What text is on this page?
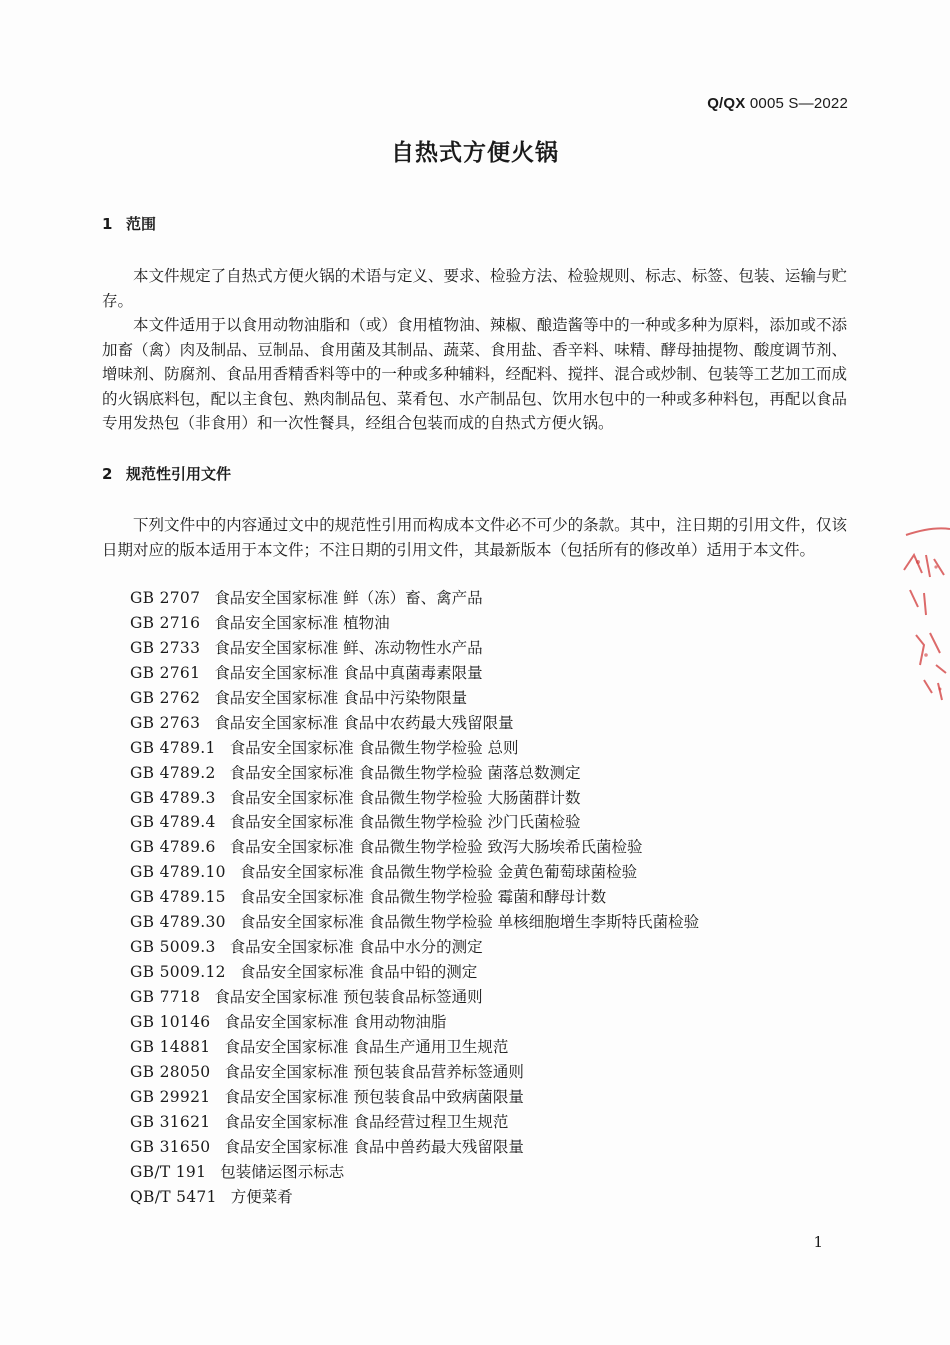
Q/QX 0005 S—2022
自热式方便火锅
1 范围

本文件规定了自热式方便火锅的术语与定义、要求、检验方法、检验规则、标志、标签、包装、运输与贮存。

本文件适用于以食用动物油脂和（或）食用植物油、辣椒、酿造酱等中的一种或多种为原料，添加或不添加畜（禽）肉及制品、豆制品、食用菌及其制品、蔬菜、食用盐、香辛料、味精、酵母抽提物、酸度调节剂、增味剂、防腐剂、食品用香精香料等中的一种或多种辅料，经配料、搅拌、混合或炒制、包装等工艺加工而成的火锅底料包，配以主食包、熟肉制品包、菜肴包、水产制品包、饮用水包中的一种或多种料包，再配以食品专用发热包（非食用）和一次性餐具，经组合包装而成的自热式方便火锅。

2 规范性引用文件

下列文件中的内容通过文中的规范性引用而构成本文件必不可少的条款。其中，注日期的引用文件，仅该日期对应的版本适用于本文件；不注日期的引用文件，其最新版本（包括所有的修改单）适用于本文件。

GB 2707 食品安全国家标准 鲜（冻）畜、禽产品
GB 2716 食品安全国家标准 植物油
GB 2733 食品安全国家标准 鲜、冻动物性水产品
GB 2761 食品安全国家标准 食品中真菌毒素限量
GB 2762 食品安全国家标准 食品中污染物限量
GB 2763 食品安全国家标准 食品中农药最大残留限量
GB 4789.1 食品安全国家标准 食品微生物学检验 总则
GB 4789.2 食品安全国家标准 食品微生物学检验 菌落总数测定
GB 4789.3 食品安全国家标准 食品微生物学检验 大肠菌群计数
GB 4789.4 食品安全国家标准 食品微生物学检验 沙门氏菌检验
GB 4789.6 食品安全国家标准 食品微生物学检验 致泻大肠埃希氏菌检验
GB 4789.10 食品安全国家标准 食品微生物学检验 金黄色葡萄球菌检验
GB 4789.15 食品安全国家标准 食品微生物学检验 霉菌和酵母计数
GB 4789.30 食品安全国家标准 食品微生物学检验 单核细胞增生李斯特氏菌检验
GB 5009.3 食品安全国家标准 食品中水分的测定
GB 5009.12 食品安全国家标准 食品中铅的测定
GB 7718 食品安全国家标准 预包装食品标签通则
GB 10146 食品安全国家标准 食用动物油脂
GB 14881 食品安全国家标准 食品生产通用卫生规范
GB 28050 食品安全国家标准 预包装食品营养标签通则
GB 29921 食品安全国家标准 预包装食品中致病菌限量
GB 31621 食品安全国家标准 食品经营过程卫生规范
GB 31650 食品安全国家标准 食品中兽药最大残留限量
GB/T 191 包装储运图示标志
QB/T 5471 方便菜肴
1
